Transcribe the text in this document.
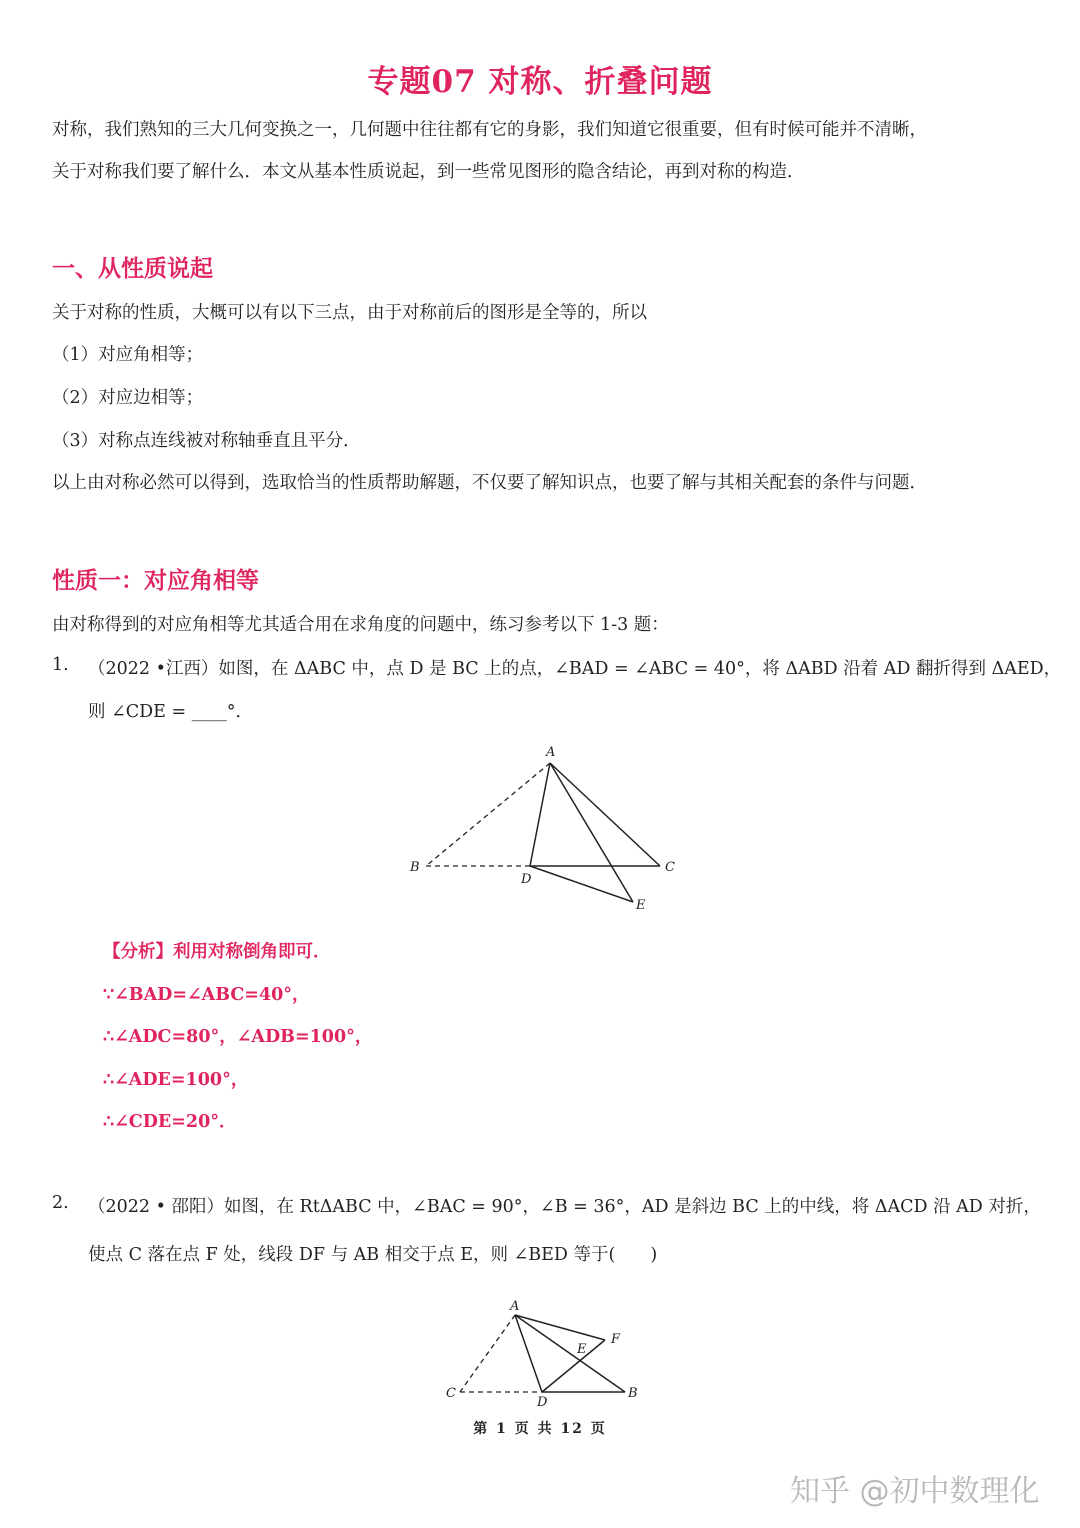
专题07 对称、折叠问题
对称，我们熟知的三大几何变换之一，几何题中往往都有它的身影，我们知道它很重要，但有时候可能并不清晰，
关于对称我们要了解什么．本文从基本性质说起，到一些常见图形的隐含结论，再到对称的构造．
一、从性质说起
关于对称的性质，大概可以有以下三点，由于对称前后的图形是全等的，所以
（1）对应角相等；
（2）对应边相等；
（3）对称点连线被对称轴垂直且平分．
以上由对称必然可以得到，选取恰当的性质帮助解题，不仅要了解知识点，也要了解与其相关配套的条件与问题．
性质一：对应角相等
由对称得到的对应角相等尤其适合用在求角度的问题中，练习参考以下 1-3 题：
1. （2022 •江西）如图，在 ΔABC 中，点 D 是 BC 上的点，∠BAD = ∠ABC = 40°，将 ΔABD 沿着 AD 翻折得到 ΔAED，
则 ∠CDE = ____°．
A
B	C
D
E
【分析】利用对称倒角即可．
∵∠BAD=∠ABC=40°，
∴∠ADC=80°，∠ADB=100°，
∴∠ADE=100°，
∴∠CDE=20°．
2. （2022 • 邵阳）如图，在 RtΔABC 中，∠BAC = 90°，∠B = 36°，AD 是斜边 BC 上的中线，将 ΔACD 沿 AD 对折，
使点 C 落在点 F 处，线段 DF 与 AB 相交于点 E，则 ∠BED 等于(　　)
A
F
E
C
D
B
第 1 页 共 12 页
知乎 @初中数理化
